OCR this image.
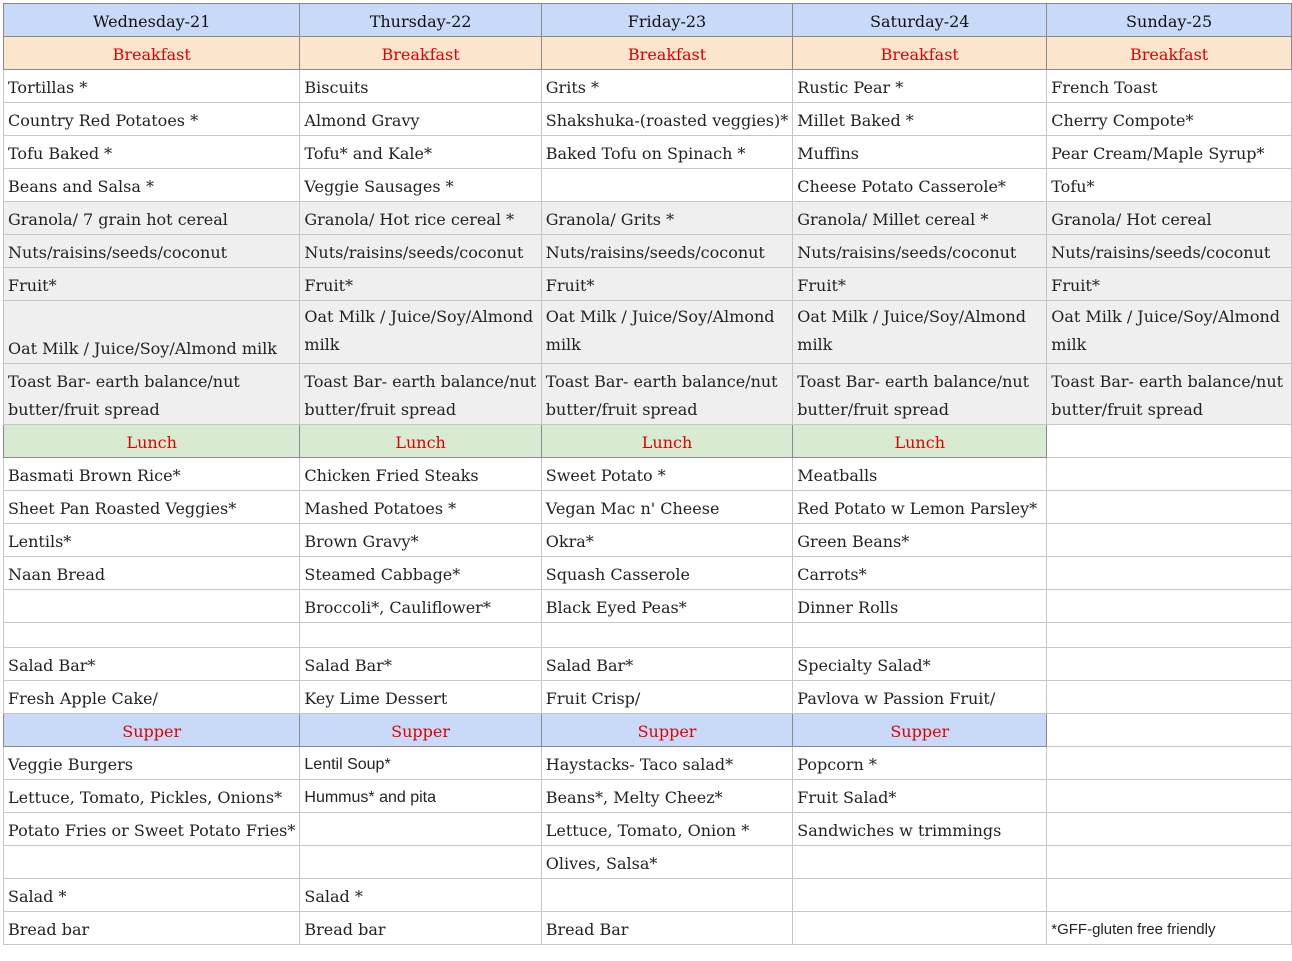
Wednesday-21	Thursday-22	Friday-23	Saturday-24	Sunday-25
Breakfast	Breakfast	Breakfast	Breakfast	Breakfast
Tortillas *	Biscuits	Grits *	Rustic Pear *	French Toast
Country Red Potatoes *	Almond Gravy	Shakshuka-(roasted veggies)*	Millet Baked *	Cherry Compote*
Tofu Baked *	Tofu* and Kale*	Baked Tofu on Spinach *	Muffins	Pear Cream/Maple Syrup*
Beans and Salsa *	Veggie Sausages *		Cheese Potato Casserole*	Tofu*
Granola/ 7 grain hot cereal	Granola/ Hot rice cereal *	Granola/ Grits *	Granola/ Millet cereal *	Granola/ Hot cereal
Nuts/raisins/seeds/coconut	Nuts/raisins/seeds/coconut	Nuts/raisins/seeds/coconut	Nuts/raisins/seeds/coconut	Nuts/raisins/seeds/coconut
Fruit*	Fruit*	Fruit*	Fruit*	Fruit*
Oat Milk / Juice/Soy/Almond milk	Oat Milk / Juice/Soy/Almond milk	Oat Milk / Juice/Soy/Almond milk	Oat Milk / Juice/Soy/Almond milk	Oat Milk / Juice/Soy/Almond milk
Toast Bar- earth balance/nut butter/fruit spread	Toast Bar- earth balance/nut butter/fruit spread	Toast Bar- earth balance/nut butter/fruit spread	Toast Bar- earth balance/nut butter/fruit spread	Toast Bar- earth balance/nut butter/fruit spread
Lunch	Lunch	Lunch	Lunch	
Basmati Brown Rice*	Chicken Fried Steaks	Sweet Potato *	Meatballs	
Sheet Pan Roasted Veggies*	Mashed Potatoes *	Vegan Mac n' Cheese	Red Potato w Lemon Parsley*	
Lentils*	Brown Gravy*	Okra*	Green Beans*	
Naan Bread	Steamed Cabbage*	Squash Casserole	Carrots*	
	Broccoli*, Cauliflower*	Black Eyed Peas*	Dinner Rolls	

Salad Bar*	Salad Bar*	Salad Bar*	Specialty Salad*	
Fresh Apple Cake/	Key Lime Dessert	Fruit Crisp/	Pavlova w Passion Fruit/	
Supper	Supper	Supper	Supper	
Veggie Burgers	Lentil Soup*	Haystacks- Taco salad*	Popcorn *	
Lettuce, Tomato, Pickles, Onions*	Hummus* and pita	Beans*, Melty Cheez*	Fruit Salad*	
Potato Fries or Sweet Potato Fries*		Lettuce, Tomato, Onion *	Sandwiches w trimmings	
		Olives, Salsa*		
Salad *	Salad *			
Bread bar	Bread bar	Bread Bar		*GFF-gluten free friendly
